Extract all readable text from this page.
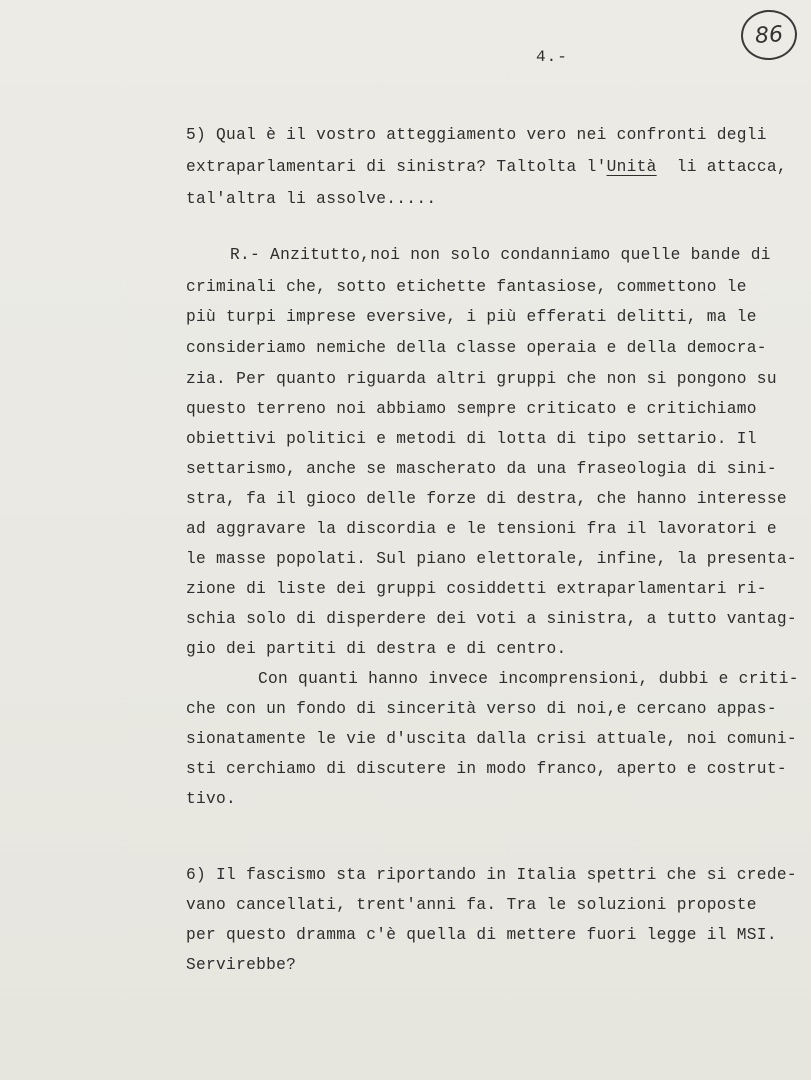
86
4.-
5) Qual è il vostro atteggiamento vero nei confronti degli
extraparlamentari di sinistra? Taltolta l'Unità  li attacca,
tal'altra li assolve.....
R.- Anzitutto,noi non solo condanniamo quelle bande di
criminali che, sotto etichette fantasiose, commettono le
più turpi imprese eversive, i più efferati delitti, ma le
consideriamo nemiche della classe operaia e della democra-
zia. Per quanto riguarda altri gruppi che non si pongono su
questo terreno noi abbiamo sempre criticato e critichiamo
obiettivi politici e metodi di lotta di tipo settario. Il
settarismo, anche se mascherato da una fraseologia di sini-
stra, fa il gioco delle forze di destra, che hanno interesse
ad aggravare la discordia e le tensioni fra il lavoratori e
le masse popolati. Sul piano elettorale, infine, la presenta-
zione di liste dei gruppi cosiddetti extraparlamentari ri-
schia solo di disperdere dei voti a sinistra, a tutto vantag-
gio dei partiti di destra e di centro.
Con quanti hanno invece incomprensioni, dubbi e criti-
che con un fondo di sincerità verso di noi,e cercano appas-
sionatamente le vie d'uscita dalla crisi attuale, noi comuni-
sti cerchiamo di discutere in modo franco, aperto e costrut-
tivo.
6) Il fascismo sta riportando in Italia spettri che si crede-
vano cancellati, trent'anni fa. Tra le soluzioni proposte
per questo dramma c'è quella di mettere fuori legge il MSI.
Servirebbe?
